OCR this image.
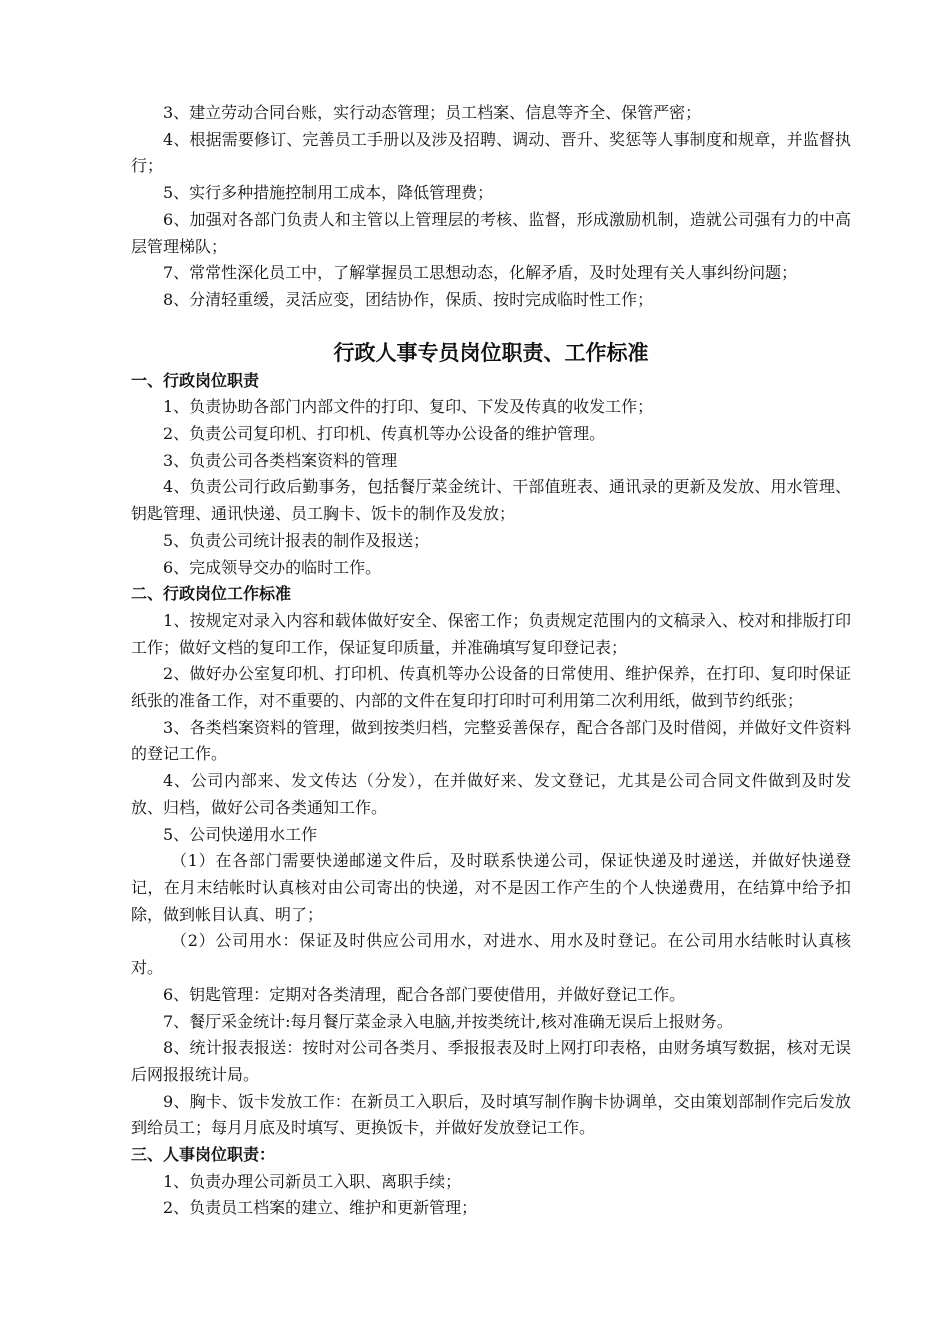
3、建立劳动合同台账，实行动态管理；员工档案、信息等齐全、保管严密；

4、根据需要修订、完善员工手册以及涉及招聘、调动、晋升、奖惩等人事制度和规章，并监督执行；

5、实行多种措施控制用工成本，降低管理费；

6、加强对各部门负责人和主管以上管理层的考核、监督，形成激励机制，造就公司强有力的中高层管理梯队；

7、常常性深化员工中，了解掌握员工思想动态，化解矛盾，及时处理有关人事纠纷问题；

8、分清轻重缓，灵活应变，团结协作，保质、按时完成临时性工作；

行政人事专员岗位职责、工作标准

一、行政岗位职责

1、负责协助各部门内部文件的打印、复印、下发及传真的收发工作；

2、负责公司复印机、打印机、传真机等办公设备的维护管理。

3、负责公司各类档案资料的管理

4、负责公司行政后勤事务，包括餐厅菜金统计、干部值班表、通讯录的更新及发放、用水管理、钥匙管理、通讯快递、员工胸卡、饭卡的制作及发放；

5、负责公司统计报表的制作及报送；

6、完成领导交办的临时工作。

二、行政岗位工作标准

1、按规定对录入内容和载体做好安全、保密工作；负责规定范围内的文稿录入、校对和排版打印工作；做好文档的复印工作，保证复印质量，并准确填写复印登记表；

2、做好办公室复印机、打印机、传真机等办公设备的日常使用、维护保养，在打印、复印时保证纸张的准备工作，对不重要的、内部的文件在复印打印时可利用第二次利用纸，做到节约纸张；

3、各类档案资料的管理，做到按类归档，完整妥善保存，配合各部门及时借阅，并做好文件资料的登记工作。

4、公司内部来、发文传达（分发），在并做好来、发文登记，尤其是公司合同文件做到及时发放、归档，做好公司各类通知工作。

5、公司快递用水工作

（1）在各部门需要快递邮递文件后，及时联系快递公司，保证快递及时递送，并做好快递登记，在月末结帐时认真核对由公司寄出的快递，对不是因工作产生的个人快递费用，在结算中给予扣除，做到帐目认真、明了；

（2）公司用水：保证及时供应公司用水，对进水、用水及时登记。在公司用水结帐时认真核对。

6、钥匙管理：定期对各类清理，配合各部门要使借用，并做好登记工作。

7、餐厅采金统计:每月餐厅菜金录入电脑,并按类统计,核对准确无误后上报财务。

8、统计报表报送：按时对公司各类月、季报报表及时上网打印表格，由财务填写数据，核对无误后网报报统计局。

9、胸卡、饭卡发放工作：在新员工入职后，及时填写制作胸卡协调单，交由策划部制作完后发放到给员工；每月月底及时填写、更换饭卡，并做好发放登记工作。

三、人事岗位职责：

1、负责办理公司新员工入职、离职手续；

2、负责员工档案的建立、维护和更新管理；
